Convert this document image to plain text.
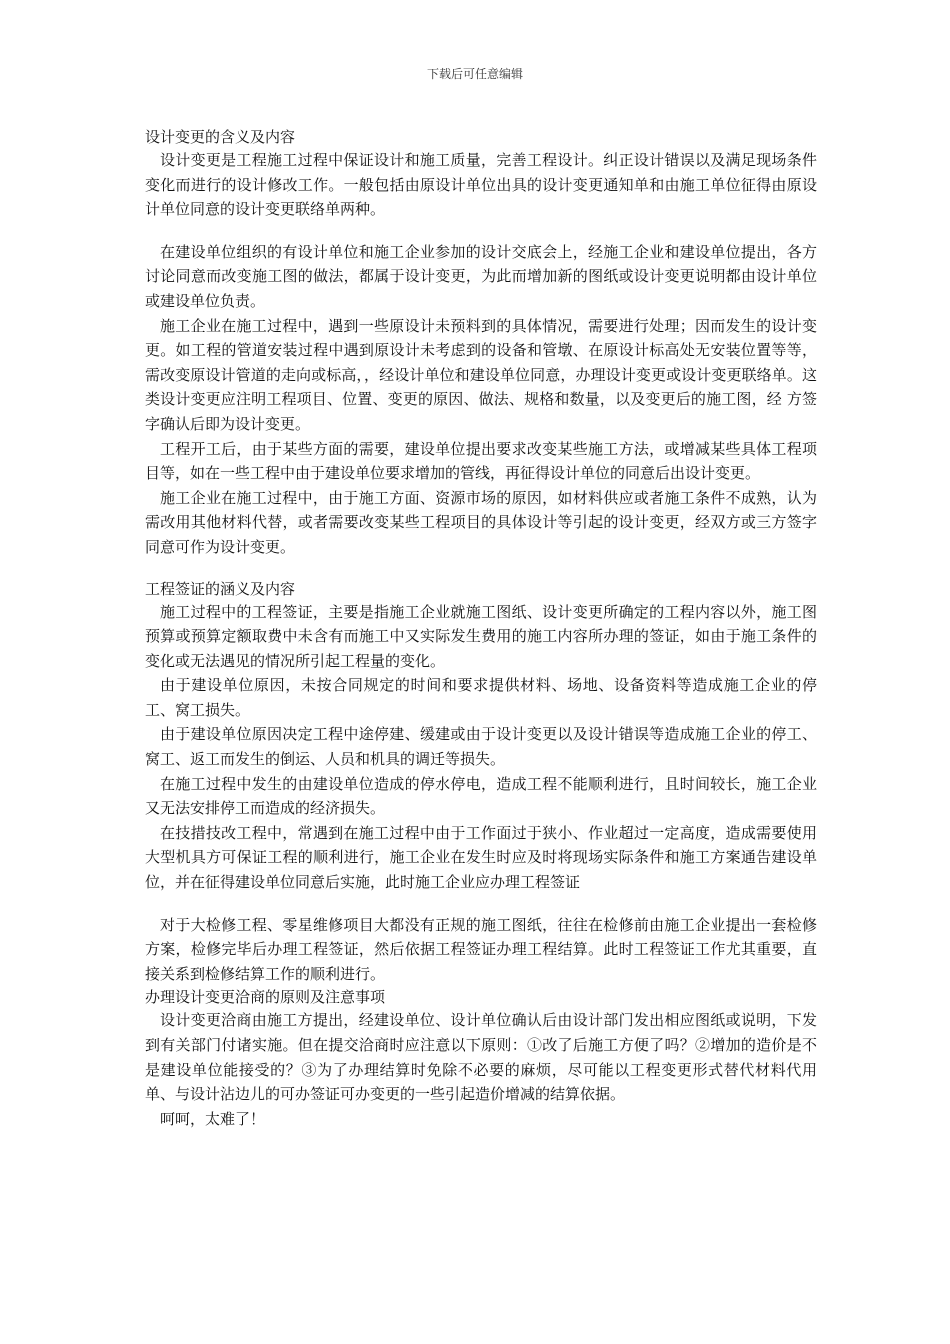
下载后可任意编辑

设计变更的含义及内容

设计变更是工程施工过程中保证设计和施工质量，完善工程设计。纠正设计错误以及满足现场条件变化而进行的设计修改工作。一般包括由原设计单位出具的设计变更通知单和由施工单位征得由原设计单位同意的设计变更联络单两种。

在建设单位组织的有设计单位和施工企业参加的设计交底会上，经施工企业和建设单位提出，各方讨论同意而改变施工图的做法，都属于设计变更，为此而增加新的图纸或设计变更说明都由设计单位或建设单位负责。

施工企业在施工过程中，遇到一些原设计未预料到的具体情况，需要进行处理；因而发生的设计变更。如工程的管道安装过程中遇到原设计未考虑到的设备和管墩、在原设计标高处无安装位置等等，需改变原设计管道的走向或标高，，经设计单位和建设单位同意，办理设计变更或设计变更联络单。这类设计变更应注明工程项目、位置、变更的原因、做法、规格和数量，以及变更后的施工图，经 方签字确认后即为设计变更。

工程开工后，由于某些方面的需要，建设单位提出要求改变某些施工方法，或增减某些具体工程项目等，如在一些工程中由于建设单位要求增加的管线，再征得设计单位的同意后出设计变更。

施工企业在施工过程中，由于施工方面、资源市场的原因，如材料供应或者施工条件不成熟，认为需改用其他材料代替，或者需要改变某些工程项目的具体设计等引起的设计变更，经双方或三方签字同意可作为设计变更。

工程签证的涵义及内容

施工过程中的工程签证，主要是指施工企业就施工图纸、设计变更所确定的工程内容以外，施工图预算或预算定额取费中未含有而施工中又实际发生费用的施工内容所办理的签证，如由于施工条件的变化或无法遇见的情况所引起工程量的变化。

由于建设单位原因，未按合同规定的时间和要求提供材料、场地、设备资料等造成施工企业的停工、窝工损失。

由于建设单位原因决定工程中途停建、缓建或由于设计变更以及设计错误等造成施工企业的停工、窝工、返工而发生的倒运、人员和机具的调迁等损失。

在施工过程中发生的由建设单位造成的停水停电，造成工程不能顺利进行，且时间较长，施工企业又无法安排停工而造成的经济损失。

在技措技改工程中，常遇到在施工过程中由于工作面过于狭小、作业超过一定高度，造成需要使用大型机具方可保证工程的顺利进行，施工企业在发生时应及时将现场实际条件和施工方案通告建设单位，并在征得建设单位同意后实施，此时施工企业应办理工程签证

对于大检修工程、零星维修项目大都没有正规的施工图纸，往往在检修前由施工企业提出一套检修方案，检修完毕后办理工程签证，然后依据工程签证办理工程结算。此时工程签证工作尤其重要，直接关系到检修结算工作的顺利进行。

办理设计变更洽商的原则及注意事项

设计变更洽商由施工方提出，经建设单位、设计单位确认后由设计部门发出相应图纸或说明，下发到有关部门付诸实施。但在提交洽商时应注意以下原则：①改了后施工方便了吗？②增加的造价是不是建设单位能接受的？③为了办理结算时免除不必要的麻烦，尽可能以工程变更形式替代材料代用单、与设计沾边儿的可办签证可办变更的一些引起造价增减的结算依据。

呵呵，太难了！
